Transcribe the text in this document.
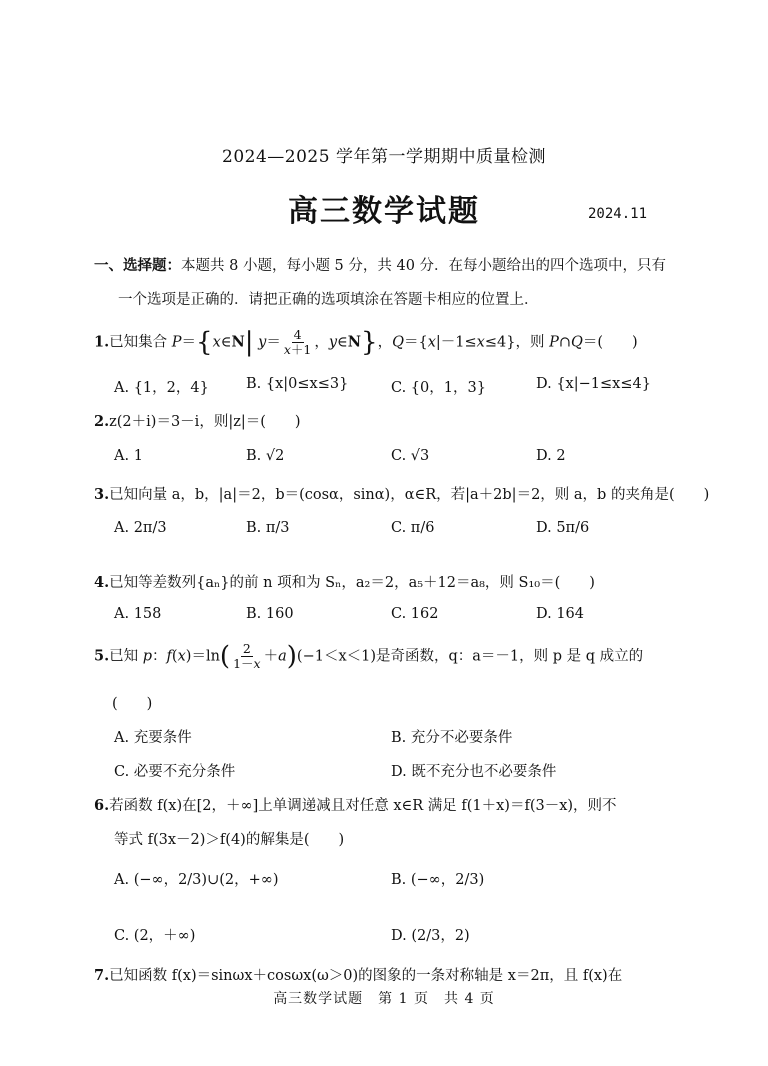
2024—2025 学年第一学期期中质量检测
高三数学试题	2024.11
一、选择题：本题共 8 小题，每小题 5 分，共 40 分．在每小题给出的四个选项中，只有
一个选项是正确的．请把正确的选项填涂在答题卡相应的位置上．
1.已知集合 P＝{x∈N| $y= \frac{4}{x+1}$ ，y∈N}，Q＝{x|－1≤x≤4}，则 P∩Q＝(　　)
A. {1，2，4}	B. {x|0≤x≤3}	C. {0，1，3}	D. {x|−1≤x≤4}
2.z(2＋i)＝3－i，则|z|＝(　　)
A. 1	B. √2	C. √3	D. 2
3.已知向量 a，b，|a|＝2，b＝(cosα，sinα)，α∈R，若|a＋2b|＝2，则 a，b 的夹角是(　　)
A. 2π/3	B. π/3	C. π/6	D. 5π/6
4.已知等差数列{aₙ}的前 n 项和为 Sₙ，a₂＝2，a₅＋12＝a₈，则 S₁₀＝(　　)
A. 158	B. 160	C. 162	D. 164
5.已知 p：$f(x)=\ln( \frac{2}{1-x} +a)(-1<x<1)$是奇函数，q：a＝－1，则 p 是 q 成立的
(　　)
A. 充要条件	B. 充分不必要条件
C. 必要不充分条件	D. 既不充分也不必要条件
6.若函数 f(x)在[2，＋∞]上单调递减且对任意 x∈R 满足 f(1＋x)＝f(3－x)，则不
等式 f(3x－2)＞f(4)的解集是(　　)
A. (−∞，2/3)∪(2，+∞)	B. (−∞，2/3)
C. (2，＋∞)	D. (2/3，2)
7.已知函数 f(x)＝sinωx＋cosωx(ω＞0)的图象的一条对称轴是 x＝2π，且 f(x)在
高三数学试题　第 1 页　共 4 页
